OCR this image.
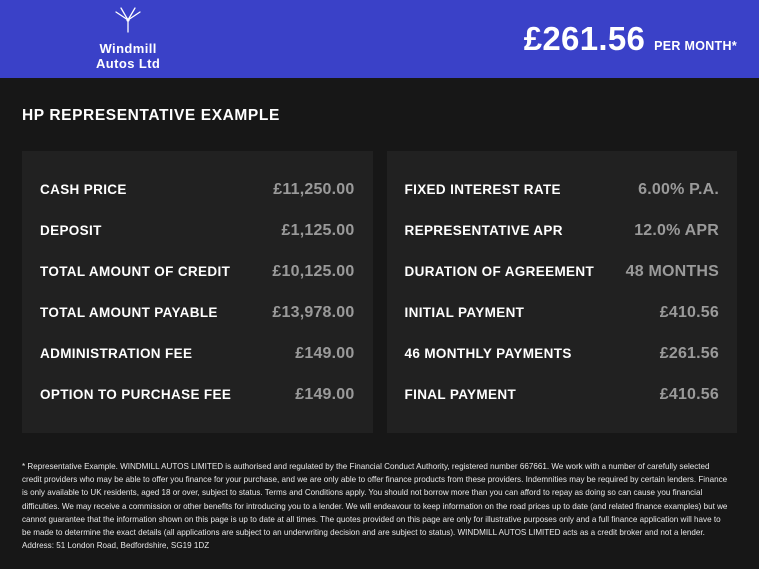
Windmill
Autos Ltd
£261.56 PER MONTH*
HP REPRESENTATIVE EXAMPLE
CASH PRICE	£11,250.00
DEPOSIT	£1,125.00
TOTAL AMOUNT OF CREDIT	£10,125.00
TOTAL AMOUNT PAYABLE	£13,978.00
ADMINISTRATION FEE	£149.00
OPTION TO PURCHASE FEE	£149.00
FIXED INTEREST RATE	6.00% P.A.
REPRESENTATIVE APR	12.0% APR
DURATION OF AGREEMENT 48 MONTHS
INITIAL PAYMENT	£410.56
46 MONTHLY PAYMENTS	£261.56
FINAL PAYMENT	£410.56
* Representative Example. WINDMILL AUTOS LIMITED is authorised and regulated by the Financial Conduct Authority, registered number 667661. We work with a number of carefully selected credit providers who may be able to offer you finance for your purchase, and we are only able to offer finance products from these providers. Indemnities may be required by certain lenders. Finance is only available to UK residents, aged 18 or over, subject to status. Terms and Conditions apply. You should not borrow more than you can afford to repay as doing so can cause you financial difficulties. We may receive a commission or other benefits for introducing you to a lender. We will endeavour to keep information on the road prices up to date (and related finance examples) but we cannot guarantee that the information shown on this page is up to date at all times. The quotes provided on this page are only for illustrative purposes only and a full finance application will have to be made to determine the exact details (all applications are subject to an underwriting decision and are subject to status). WINDMILL AUTOS LIMITED acts as a credit broker and not a lender. Address: 51 London Road, Bedfordshire, SG19 1DZ
